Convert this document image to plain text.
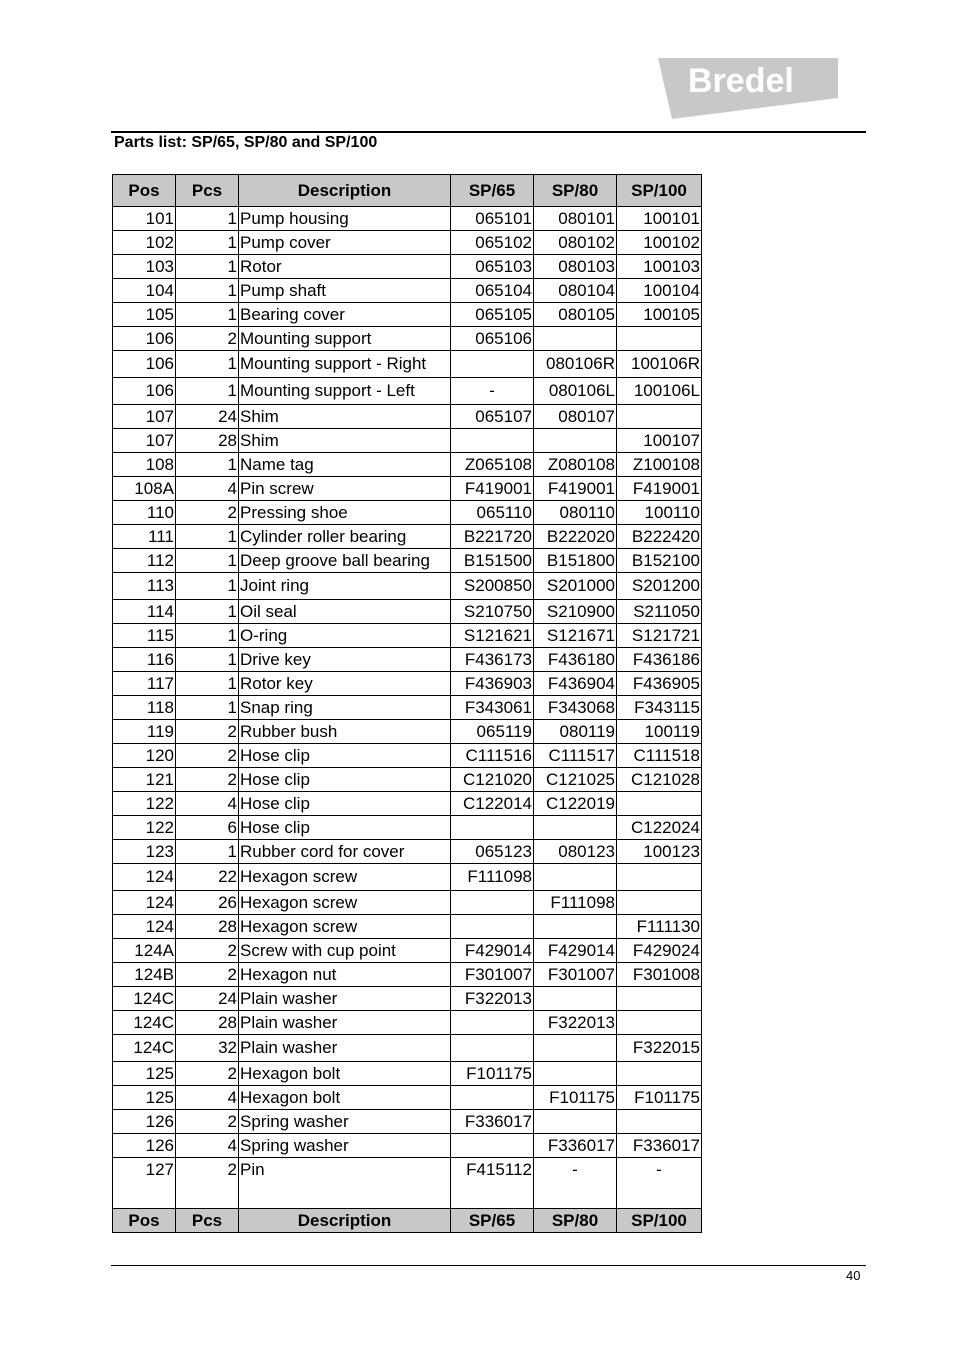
Bredel
Parts list: SP/65, SP/80 and SP/100
Pos	Pcs	Description	SP/65	SP/80	SP/100
101	1	Pump housing	065101	080101	100101
102	1	Pump cover	065102	080102	100102
103	1	Rotor	065103	080103	100103
104	1	Pump shaft	065104	080104	100104
105	1	Bearing cover	065105	080105	100105
106	2	Mounting support	065106		
106	1	Mounting support - Right		080106R	100106R
106	1	Mounting support - Left	-	080106L	100106L
107	24	Shim	065107	080107	
107	28	Shim			100107
108	1	Name tag	Z065108	Z080108	Z100108
108A	4	Pin screw	F419001	F419001	F419001
110	2	Pressing shoe	065110	080110	100110
111	1	Cylinder roller bearing	B221720	B222020	B222420
112	1	Deep groove ball bearing	B151500	B151800	B152100
113	1	Joint ring	S200850	S201000	S201200
114	1	Oil seal	S210750	S210900	S211050
115	1	O-ring	S121621	S121671	S121721
116	1	Drive key	F436173	F436180	F436186
117	1	Rotor key	F436903	F436904	F436905
118	1	Snap ring	F343061	F343068	F343115
119	2	Rubber bush	065119	080119	100119
120	2	Hose clip	C111516	C111517	C111518
121	2	Hose clip	C121020	C121025	C121028
122	4	Hose clip	C122014	C122019	
122	6	Hose clip			C122024
123	1	Rubber cord for cover	065123	080123	100123
124	22	Hexagon screw	F111098		
124	26	Hexagon screw		F111098	
124	28	Hexagon screw			F111130
124A	2	Screw with cup point	F429014	F429014	F429024
124B	2	Hexagon nut	F301007	F301007	F301008
124C	24	Plain washer	F322013		
124C	28	Plain washer		F322013	
124C	32	Plain washer			F322015
125	2	Hexagon bolt	F101175		
125	4	Hexagon bolt		F101175	F101175
126	2	Spring washer	F336017		
126	4	Spring washer		F336017	F336017
127	2	Pin	F415112	-	-
Pos	Pcs	Description	SP/65	SP/80	SP/100
40
